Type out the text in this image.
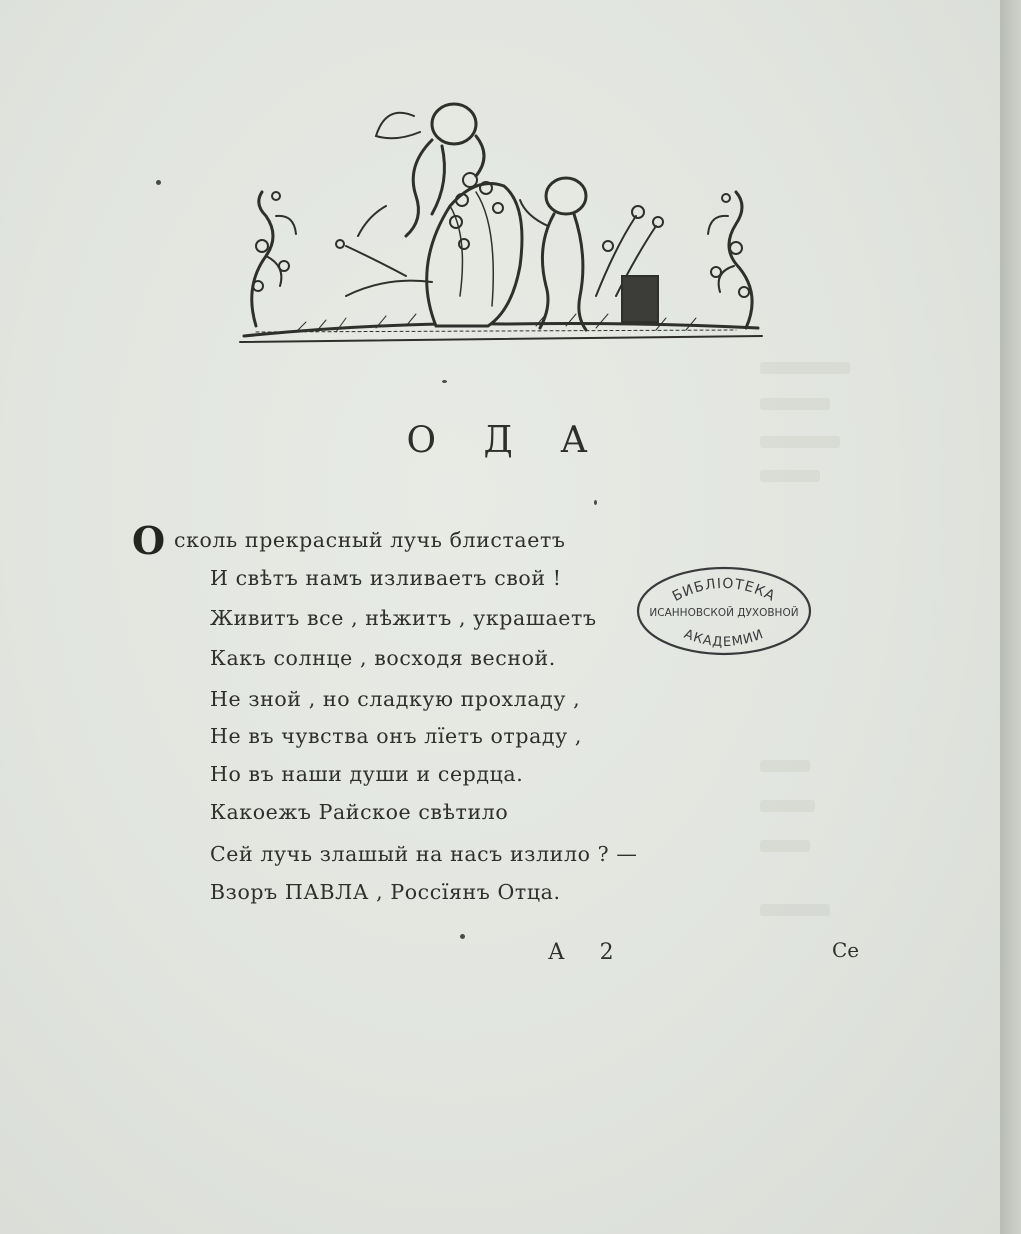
О Д А
О сколь прекрасный лучь блистаетъ
И свѣтъ намъ изливаетъ свой !
Живитъ все , нѣжитъ , украшаетъ
Какъ солнце , восходя весной.
Не зной , но сладкую прохладу ,
Не въ чувства онъ лїетъ отраду ,
Но въ наши души и сердца.
Какоежъ Райское свѣтило
Сей лучь злашый на насъ излило ? —
Взоръ ПАВЛА , Россїянъ Отца.
БИБЛІОТЕКА
ИСАННОВСКОЙ ДУХОВНОЙ
АКАДЕМИИ
А 2	Се
